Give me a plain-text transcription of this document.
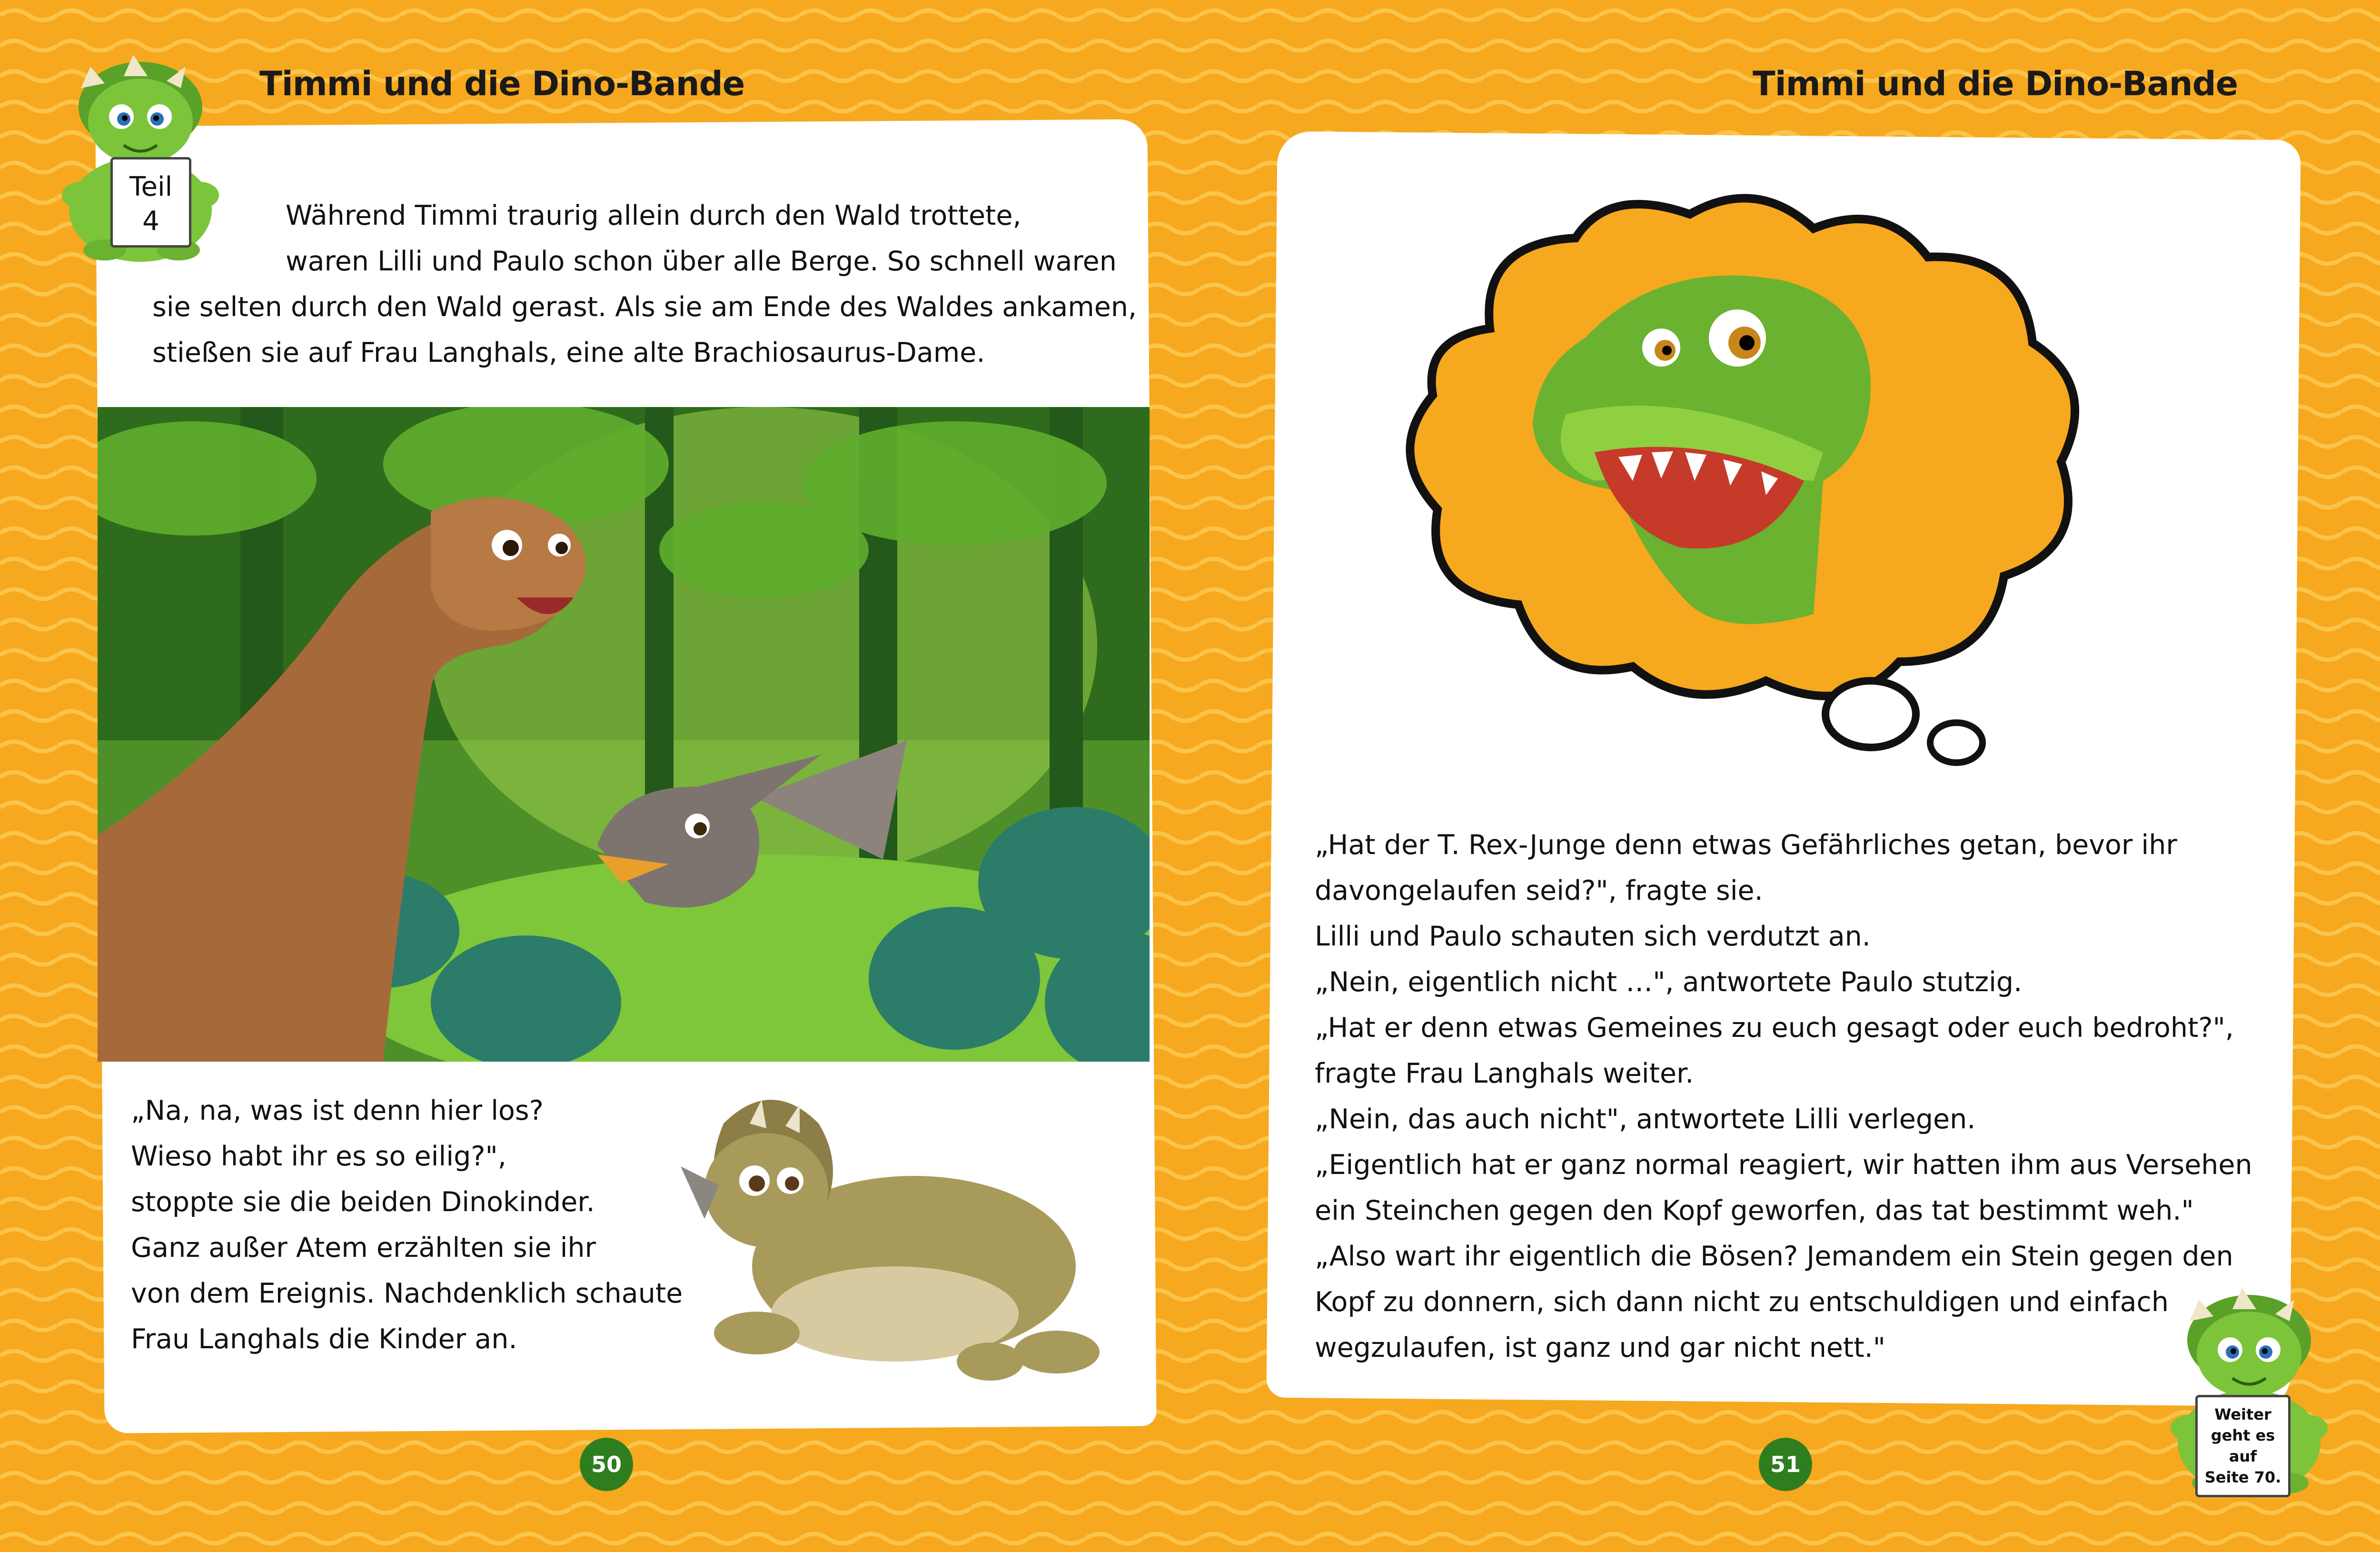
Timmi und die Dino-Bande
Teil
4	Während Timmi traurig allein durch den Wald trottete,
waren Lilli und Paulo schon über alle Berge. So schnell waren
sie selten durch den Wald gerast. Als sie am Ende des Waldes ankamen,
stießen sie auf Frau Langhals, eine alte Brachiosaurus-Dame.
„Na, na, was ist denn hier los?
Wieso habt ihr es so eilig?",
stoppte sie die beiden Dinokinder.
Ganz außer Atem erzählten sie ihr
von dem Ereignis. Nachdenklich schaute
Frau Langhals die Kinder an.
50
Timmi und die Dino-Bande
„Hat der T. Rex-Junge denn etwas Gefährliches getan, bevor ihr
davongelaufen seid?", fragte sie.
Lilli und Paulo schauten sich verdutzt an.
„Nein, eigentlich nicht …", antwortete Paulo stutzig.
„Hat er denn etwas Gemeines zu euch gesagt oder euch bedroht?",
fragte Frau Langhals weiter.
„Nein, das auch nicht", antwortete Lilli verlegen.
„Eigentlich hat er ganz normal reagiert, wir hatten ihm aus Versehen
ein Steinchen gegen den Kopf geworfen, das tat bestimmt weh."
„Also wart ihr eigentlich die Bösen? Jemandem ein Stein gegen den
Kopf zu donnern, sich dann nicht zu entschuldigen und einfach
wegzulaufen, ist ganz und gar nicht nett."
Weiter
geht es
auf
Seite 70.
51
